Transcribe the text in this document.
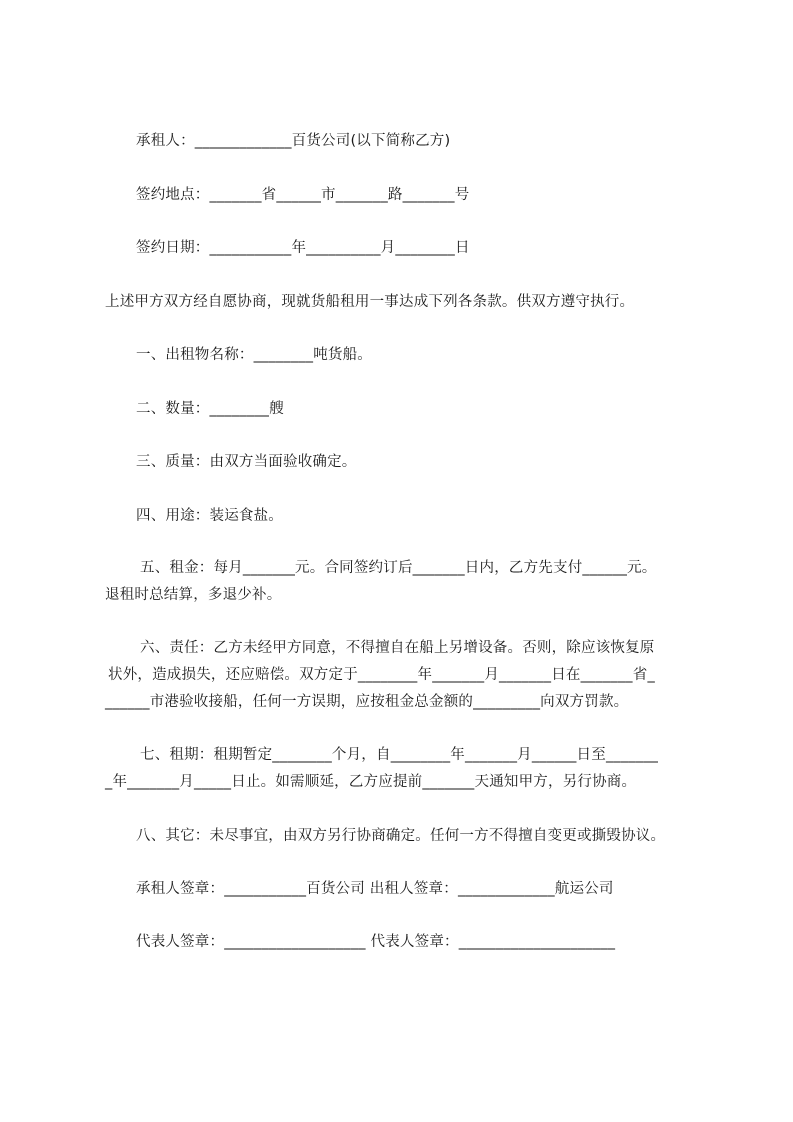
承租人：_____________百货公司(以下简称乙方)
签约地点：_______省______市_______路_______号
签约日期：___________年__________月________日
上述甲方双方经自愿协商，现就货船租用一事达成下列各条款。供双方遵守执行。
一、出租物名称：________吨货船。
二、数量：________艘
三、质量：由双方当面验收确定。
四、用途：装运食盐。
五、租金：每月_______元。合同签约订后_______日内，乙方先支付______元。
退租时总结算，多退少补。
六、责任：乙方未经甲方同意，不得擅自在船上另增设备。否则，除应该恢复原
状外，造成损失，还应赔偿。双方定于________年_______月_______日在_______省_
______市港验收接船，任何一方误期，应按租金总金额的_________向双方罚款。
七、租期：租期暂定________个月，自________年_______月______日至_______
_年_______月_____日止。如需顺延，乙方应提前_______天通知甲方，另行协商。
八、其它：未尽事宜，由双方另行协商确定。任何一方不得擅自变更或撕毁协议。
承租人签章：___________百货公司 出租人签章：_____________航运公司
代表人签章：___________________ 代表人签章：_____________________
